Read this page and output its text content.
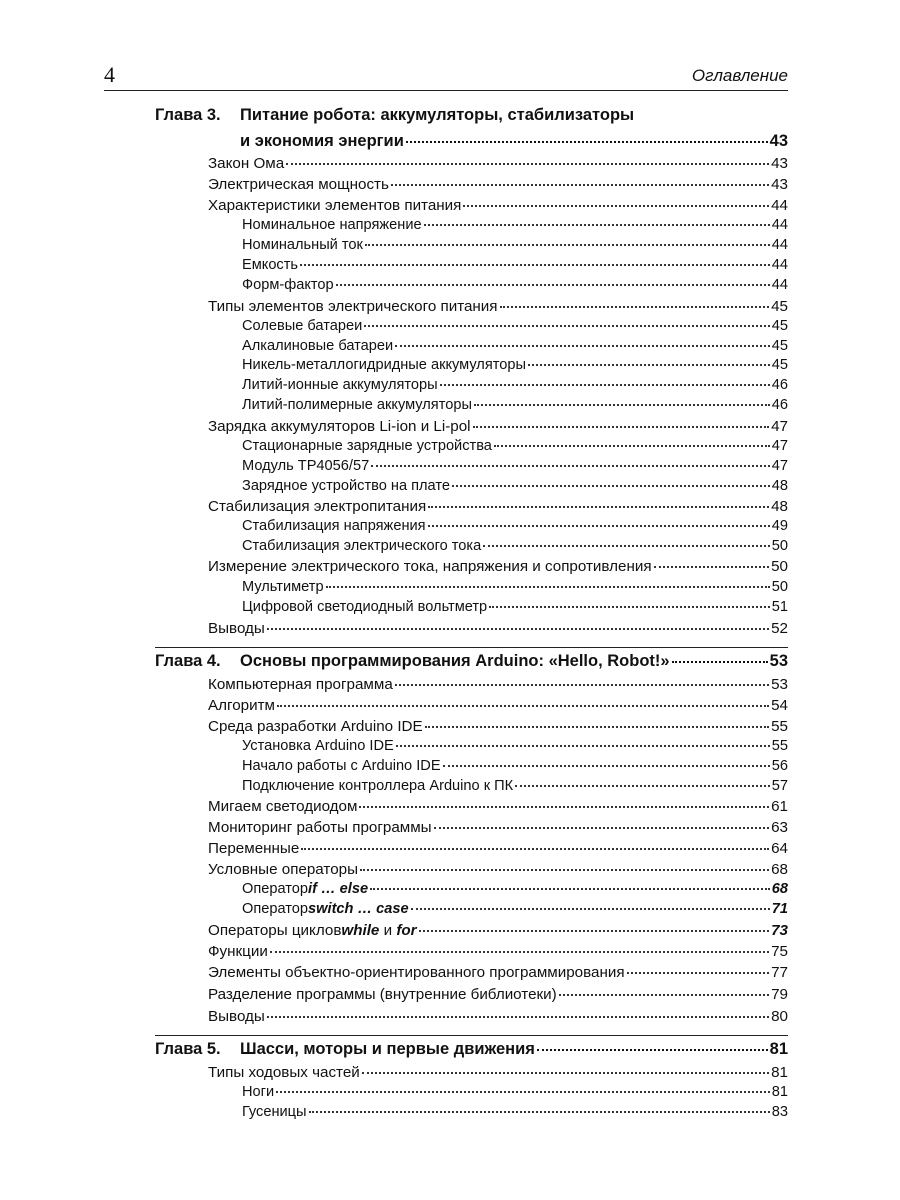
4	Оглавление
Глава 3. Питание робота: аккумуляторы, стабилизаторы
и экономия энергии	43
Закон Ома	43
Электрическая мощность	43
Характеристики элементов питания	44
Номинальное напряжение	44
Номинальный ток	44
Емкость	44
Форм-фактор	44
Типы элементов электрического питания	45
Солевые батареи	45
Алкалиновые батареи	45
Никель-металлогидридные аккумуляторы	45
Литий-ионные аккумуляторы	46
Литий-полимерные аккумуляторы	46
Зарядка аккумуляторов Li-ion и Li-pol	47
Стационарные зарядные устройства	47
Модуль TP4056/57	47
Зарядное устройство на плате	48
Стабилизация электропитания	48
Стабилизация напряжения	49
Стабилизация электрического тока	50
Измерение электрического тока, напряжения и сопротивления	50
Мультиметр	50
Цифровой светодиодный вольтметр	51
Выводы	52
Глава 4.	Основы программирования Arduino: «Hello, Robot!»	53
Компьютерная программа	53
Алгоритм	54
Среда разработки Arduino IDE	55
Установка Arduino IDE	55
Начало работы с Arduino IDE	56
Подключение контроллера Arduino к ПК	57
Мигаем светодиодом	61
Мониторинг работы программы	63
Переменные	64
Условные операторы	68
Оператор if … else	68
Оператор switch … case	71
Операторы циклов while и for	73
Функции	75
Элементы объектно-ориентированного программирования	77
Разделение программы (внутренние библиотеки)	79
Выводы	80
Глава 5.	Шасси, моторы и первые движения	81
Типы ходовых частей	81
Ноги	81
Гусеницы	83
